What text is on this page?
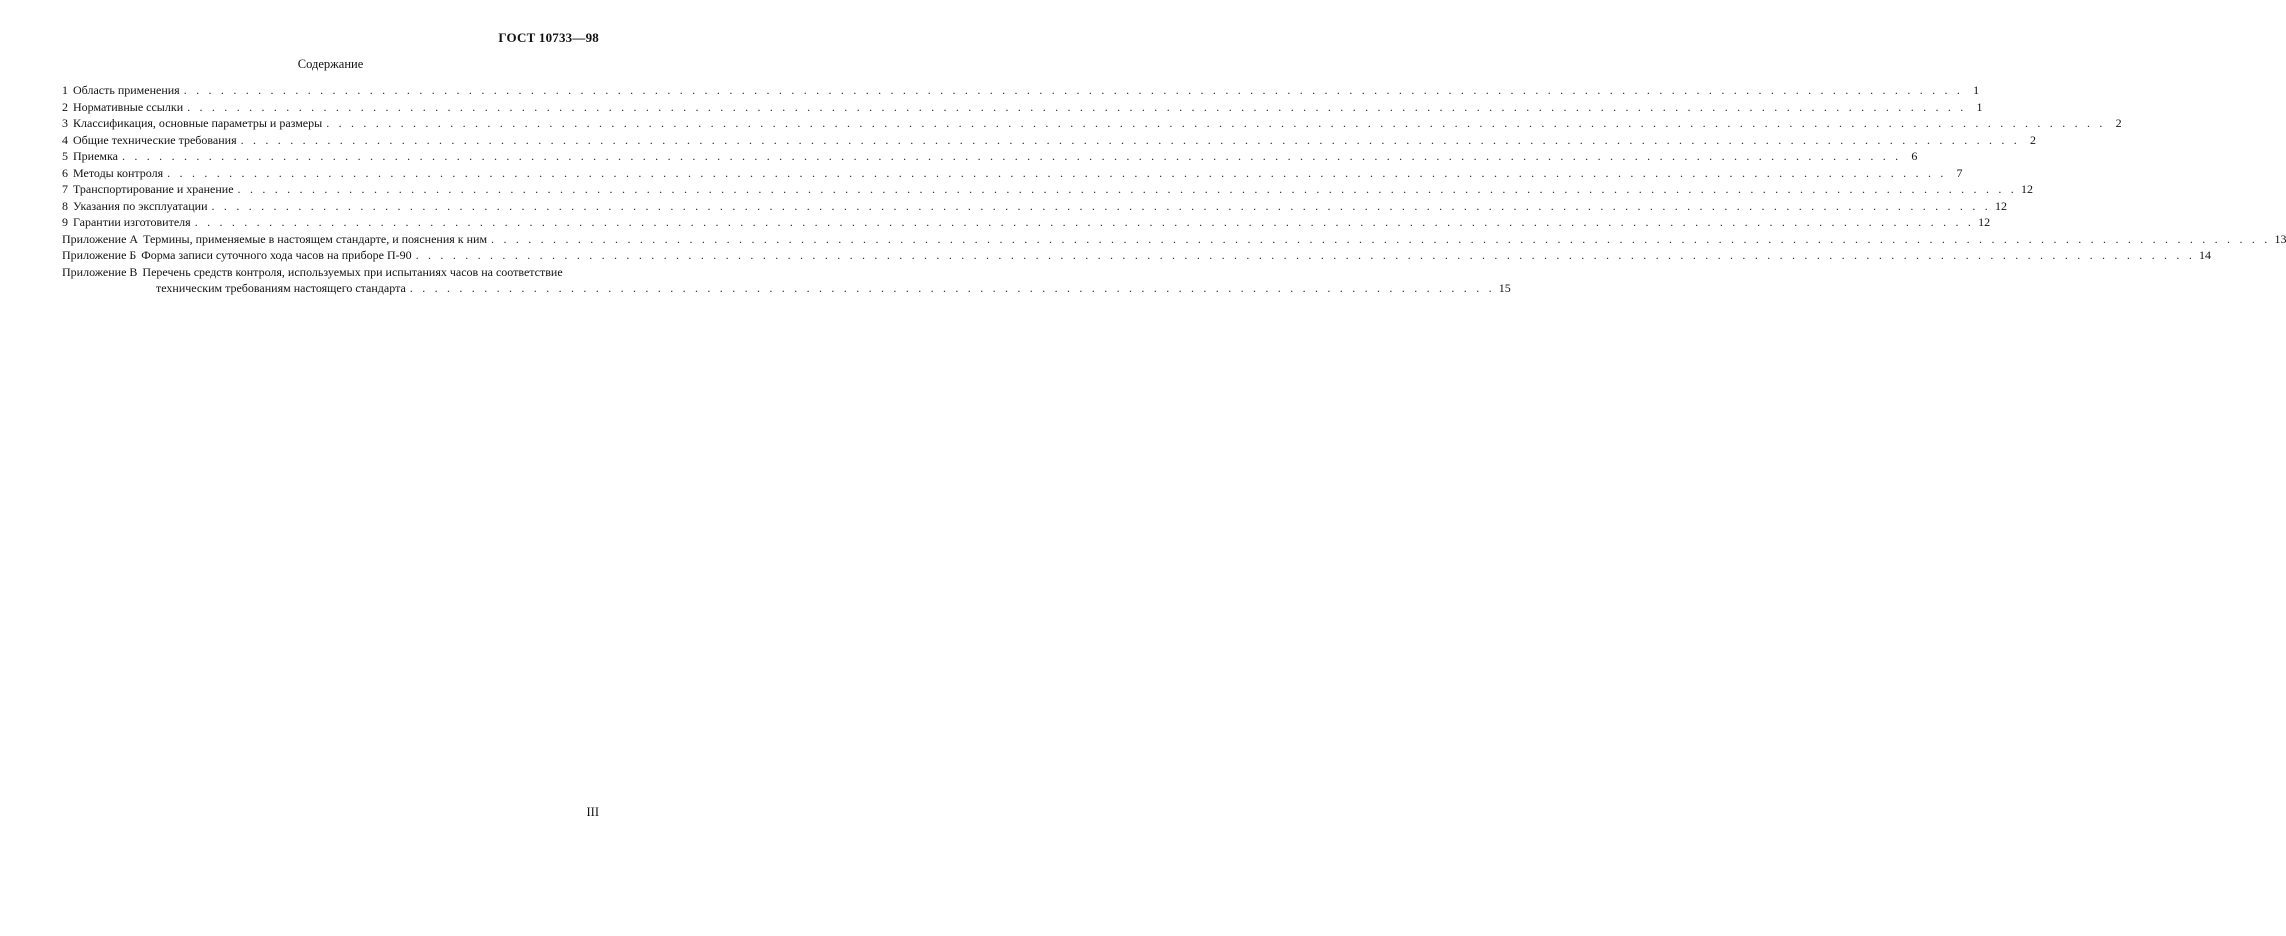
ГОСТ 10733—98
Содержание
1 Область применения . . .	1
2 Нормативные ссылки . . .	1
3 Классификация, основные параметры и размеры . . .	2
4 Общие технические требования . . .	2
5 Приемка . . .	6
6 Методы контроля . . .	7
7 Транспортирование и хранение . . .	12
8 Указания по эксплуатации . . .	12
9 Гарантии изготовителя . . .	12
Приложение А Термины, применяемые в настоящем стандарте, и пояснения к ним . . .	13
Приложение Б Форма записи суточного хода часов на приборе П-90 . . .	14
Приложение В Перечень средств контроля, используемых при испытаниях часов на соответствие
техническим требованиям настоящего стандарта . . .	15
III
